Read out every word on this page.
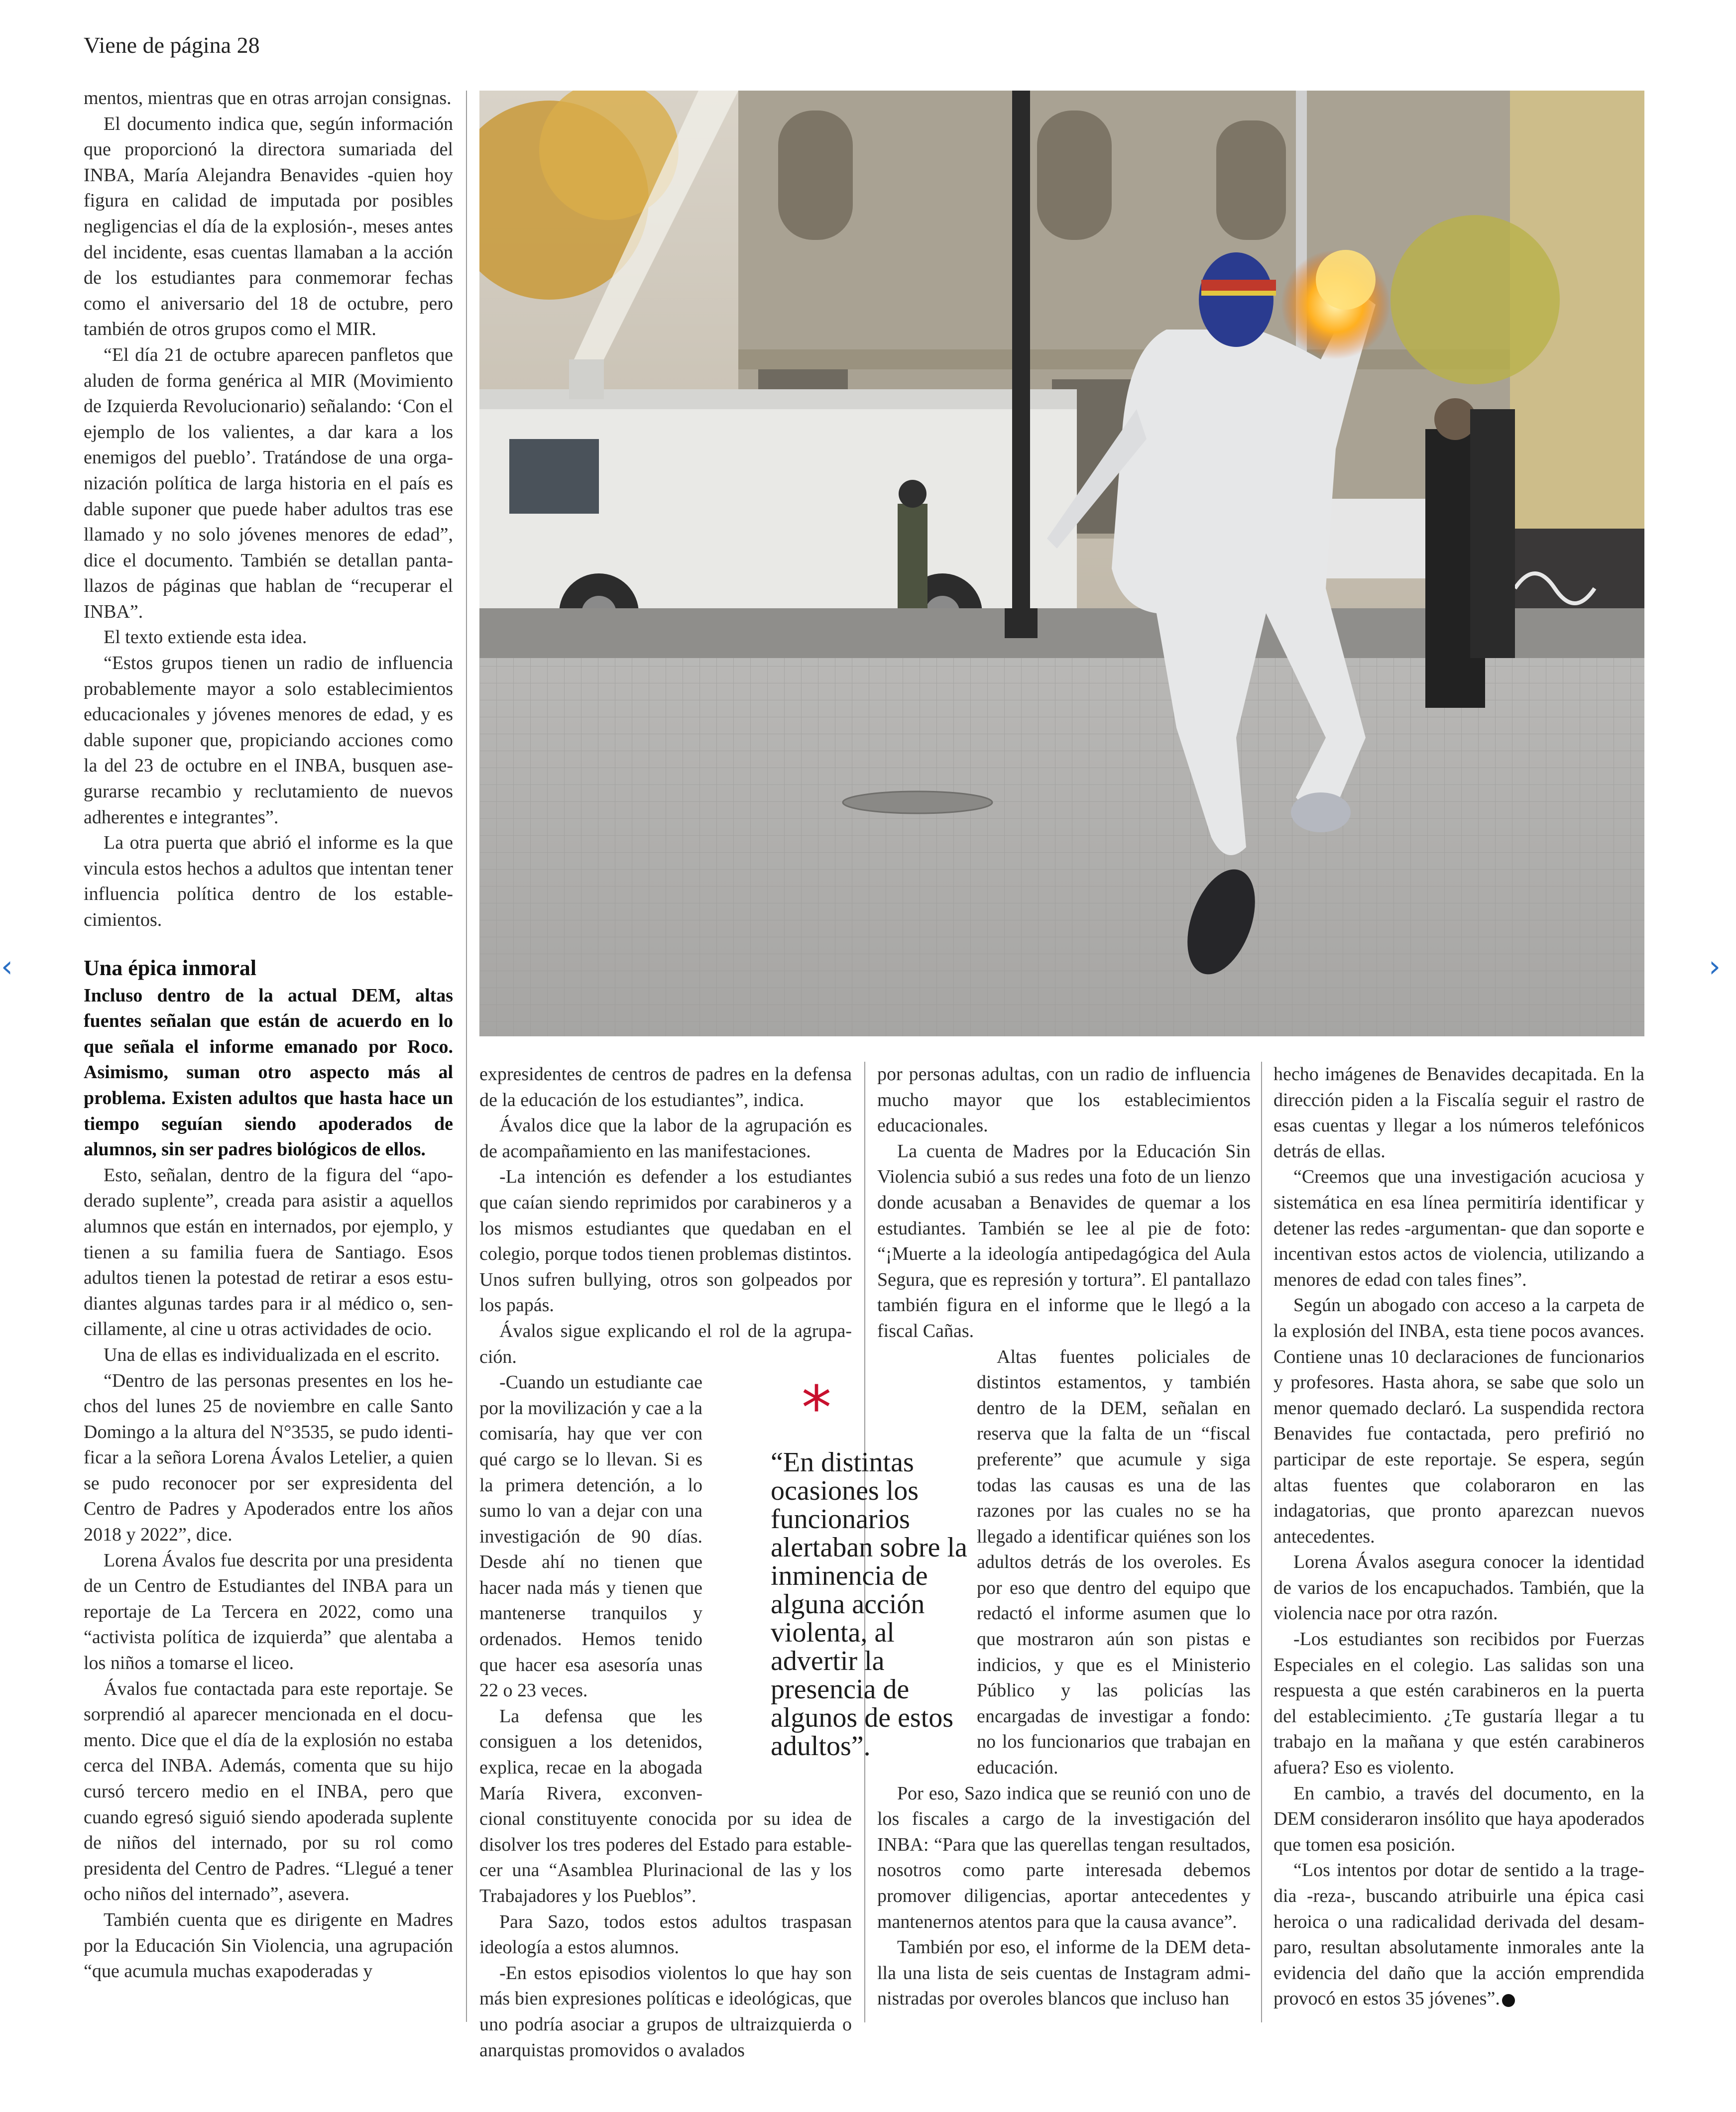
Viene de página 28

mentos, mientras que en otras arrojan consignas.

El documento indica que, según información que proporcionó la directora sumariada del INBA, María Alejandra Benavides -quien hoy figura en calidad de imputada por posibles negligencias el día de la explosión-, meses antes del incidente, esas cuentas llamaban a la acción de los estudiantes para conmemorar fechas como el aniversario del 18 de octubre, pero también de otros grupos como el MIR.

“El día 21 de octubre aparecen panfletos que aluden de forma genérica al MIR (Movimiento de Izquierda Revolucionario) señalando: ‘Con el ejemplo de los valientes, a dar kara a los enemigos del pueblo’. Tratándose de una organización política de larga historia en el país es dable suponer que puede haber adultos tras ese llamado y no solo jóvenes menores de edad”, dice el documento. También se detallan pantallazos de páginas que hablan de “recuperar el INBA”.

El texto extiende esta idea.

“Estos grupos tienen un radio de influencia probablemente mayor a solo establecimientos educacionales y jóvenes menores de edad, y es dable suponer que, propiciando acciones como la del 23 de octubre en el INBA, busquen asegurarse recambio y reclutamiento de nuevos adherentes e integrantes”.

La otra puerta que abrió el informe es la que vincula estos hechos a adultos que intentan tener influencia política dentro de los establecimientos.

Una épica inmoral

Incluso dentro de la actual DEM, altas fuentes señalan que están de acuerdo en lo que señala el informe emanado por Roco. Asimismo, suman otro aspecto más al problema. Existen adultos que hasta hace un tiempo seguían siendo apoderados de alumnos, sin ser padres biológicos de ellos.

Esto, señalan, dentro de la figura del “apoderado suplente”, creada para asistir a aquellos alumnos que están en internados, por ejemplo, y tienen a su familia fuera de Santiago. Esos adultos tienen la potestad de retirar a esos estudiantes algunas tardes para ir al médico o, sencillamente, al cine u otras actividades de ocio.

Una de ellas es individualizada en el escrito.

“Dentro de las personas presentes en los hechos del lunes 25 de noviembre en calle Santo Domingo a la altura del N°3535, se pudo identificar a la señora Lorena Ávalos Letelier, a quien se pudo reconocer por ser expresidenta del Centro de Padres y Apoderados entre los años 2018 y 2022”, dice.

Lorena Ávalos fue descrita por una presidenta de un Centro de Estudiantes del INBA para un reportaje de La Tercera en 2022, como una “activista política de izquierda” que alentaba a los niños a tomarse el liceo.

Ávalos fue contactada para este reportaje. Se sorprendió al aparecer mencionada en el documento. Dice que el día de la explosión no estaba cerca del INBA. Además, comenta que su hijo cursó tercero medio en el INBA, pero que cuando egresó siguió siendo apoderada suplente de niños del internado, por su rol como presidenta del Centro de Padres. “Llegué a tener ocho niños del internado”, asevera.

También cuenta que es dirigente en Madres por la Educación Sin Violencia, una agrupación “que acumula muchas exapoderadas y

expresidentes de centros de padres en la defensa de la educación de los estudiantes”, indica.

Ávalos dice que la labor de la agrupación es de acompañamiento en las manifestaciones.

-La intención es defender a los estudiantes que caían siendo reprimidos por carabineros y a los mismos estudiantes que quedaban en el colegio, porque todos tienen problemas distintos. Unos sufren bullying, otros son golpeados por los papás.

Ávalos sigue explicando el rol de la agrupación.

-Cuando un estudiante cae por la movilización y cae a la comisaría, hay que ver con qué cargo se lo llevan. Si es la primera detención, a lo sumo lo van a dejar con una investigación de 90 días. Desde ahí no tienen que hacer nada más y tienen que mantenerse tranquilos y ordenados. Hemos tenido que hacer esa asesoría unas 22 o 23 veces.

La defensa que les consiguen a los detenidos, explica, recae en la abogada María Rivera, exconvencional constituyente conocida por su idea de disolver los tres poderes del Estado para establecer una “Asamblea Plurinacional de las y los Trabajadores y los Pueblos”.

Para Sazo, todos estos adultos traspasan ideología a estos alumnos.

-En estos episodios violentos lo que hay son más bien expresiones políticas e ideológicas, que uno podría asociar a grupos de ultraizquierda o anarquistas promovidos o avalados

*
“En distintas ocasiones los funcionarios alertaban sobre la inminencia de alguna acción violenta, al advertir la presencia de algunos de estos adultos”.

por personas adultas, con un radio de influencia mucho mayor que los establecimientos educacionales.

La cuenta de Madres por la Educación Sin Violencia subió a sus redes una foto de un lienzo donde acusaban a Benavides de quemar a los estudiantes. También se lee al pie de foto: “¡Muerte a la ideología antipedagógica del Aula Segura, que es represión y tortura”. El pantallazo también figura en el informe que le llegó a la fiscal Cañas.

Altas fuentes policiales de distintos estamentos, y también dentro de la DEM, señalan en reserva que la falta de un “fiscal preferente” que acumule y siga todas las causas es una de las razones por las cuales no se ha llegado a identificar quiénes son los adultos detrás de los overoles. Es por eso que dentro del equipo que redactó el informe asumen que lo que mostraron aún son pistas e indicios, y que es el Ministerio Público y las policías las encargadas de investigar a fondo: no los funcionarios que trabajan en educación.

Por eso, Sazo indica que se reunió con uno de los fiscales a cargo de la investigación del INBA: “Para que las querellas tengan resultados, nosotros como parte interesada debemos promover diligencias, aportar antecedentes y mantenernos atentos para que la causa avance”.

También por eso, el informe de la DEM detalla una lista de seis cuentas de Instagram administradas por overoles blancos que incluso han

hecho imágenes de Benavides decapitada. En la dirección piden a la Fiscalía seguir el rastro de esas cuentas y llegar a los números telefónicos detrás de ellas.

“Creemos que una investigación acuciosa y sistemática en esa línea permitiría identificar y detener las redes -argumentan- que dan soporte e incentivan estos actos de violencia, utilizando a menores de edad con tales fines”.

Según un abogado con acceso a la carpeta de la explosión del INBA, esta tiene pocos avances. Contiene unas 10 declaraciones de funcionarios y profesores. Hasta ahora, se sabe que solo un menor quemado declaró. La suspendida rectora Benavides fue contactada, pero prefirió no participar de este reportaje. Se espera, según altas fuentes que colaboraron en las indagatorias, que pronto aparezcan nuevos antecedentes.

Lorena Ávalos asegura conocer la identidad de varios de los encapuchados. También, que la violencia nace por otra razón.

-Los estudiantes son recibidos por Fuerzas Especiales en el colegio. Las salidas son una respuesta a que estén carabineros en la puerta del establecimiento. ¿Te gustaría llegar a tu trabajo en la mañana y que estén carabineros afuera? Eso es violento.

En cambio, a través del documento, en la DEM consideraron insólito que haya apoderados que tomen esa posición.

“Los intentos por dotar de sentido a la tragedia -reza-, buscando atribuirle una épica casi heroica o una radicalidad derivada del desamparo, resultan absolutamente inmorales ante la evidencia del daño que la acción emprendida provocó en estos 35 jóvenes”.

‹	›
